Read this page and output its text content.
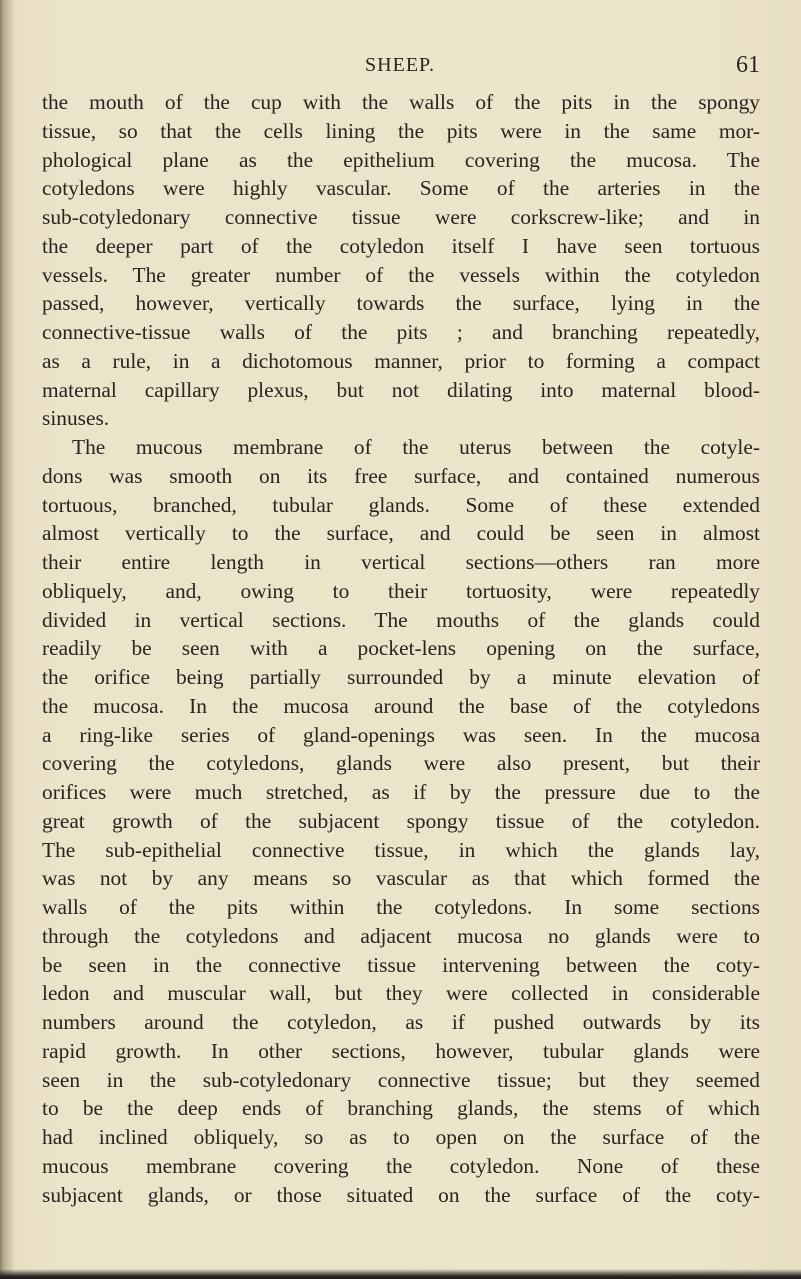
SHEEP.	61
the mouth of the cup with the walls of the pits in the spongy
tissue, so that the cells lining the pits were in the same mor-
phological plane as the epithelium covering the mucosa. The
cotyledons were highly vascular. Some of the arteries in the
sub-cotyledonary connective tissue were corkscrew-like; and in
the deeper part of the cotyledon itself I have seen tortuous
vessels. The greater number of the vessels within the cotyledon
passed, however, vertically towards the surface, lying in the
connective-tissue walls of the pits ; and branching repeatedly,
as a rule, in a dichotomous manner, prior to forming a compact
maternal capillary plexus, but not dilating into maternal blood-
sinuses.
The mucous membrane of the uterus between the cotyle-
dons was smooth on its free surface, and contained numerous
tortuous, branched, tubular glands. Some of these extended
almost vertically to the surface, and could be seen in almost
their entire length in vertical sections—others ran more
obliquely, and, owing to their tortuosity, were repeatedly
divided in vertical sections. The mouths of the glands could
readily be seen with a pocket-lens opening on the surface,
the orifice being partially surrounded by a minute elevation of
the mucosa. In the mucosa around the base of the cotyledons
a ring-like series of gland-openings was seen. In the mucosa
covering the cotyledons, glands were also present, but their
orifices were much stretched, as if by the pressure due to the
great growth of the subjacent spongy tissue of the cotyledon.
The sub-epithelial connective tissue, in which the glands lay,
was not by any means so vascular as that which formed the
walls of the pits within the cotyledons. In some sections
through the cotyledons and adjacent mucosa no glands were to
be seen in the connective tissue intervening between the coty-
ledon and muscular wall, but they were collected in considerable
numbers around the cotyledon, as if pushed outwards by its
rapid growth. In other sections, however, tubular glands were
seen in the sub-cotyledonary connective tissue; but they seemed
to be the deep ends of branching glands, the stems of which
had inclined obliquely, so as to open on the surface of the
mucous membrane covering the cotyledon. None of these
subjacent glands, or those situated on the surface of the coty-
